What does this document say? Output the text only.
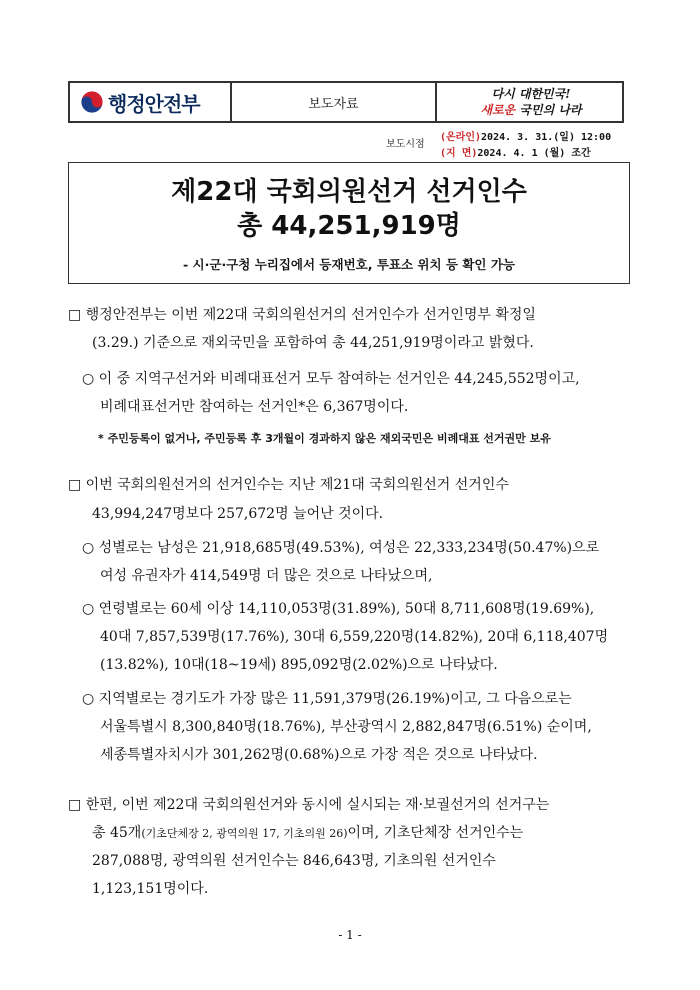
행정안전부	보도자료
다시 대한민국!
새로운 국민의 나라
보도시점
(온라인)2024. 3. 31.(일) 12:00
(지 면)2024. 4. 1 (월) 조간
제22대 국회의원선거 선거인수
총 44,251,919명
- 시·군·구청 누리집에서 등재번호, 투표소 위치 등 확인 가능
□ 행정안전부는 이번 제22대 국회의원선거의 선거인수가 선거인명부 확정일
(3.29.) 기준으로 재외국민을 포함하여 총 44,251,919명이라고 밝혔다.
○ 이 중 지역구선거와 비례대표선거 모두 참여하는 선거인은 44,245,552명이고,
비례대표선거만 참여하는 선거인*은 6,367명이다.
* 주민등록이 없거나, 주민등록 후 3개월이 경과하지 않은 재외국민은 비례대표 선거권만 보유
□ 이번 국회의원선거의 선거인수는 지난 제21대 국회의원선거 선거인수
43,994,247명보다 257,672명 늘어난 것이다.
○ 성별로는 남성은 21,918,685명(49.53%), 여성은 22,333,234명(50.47%)으로
여성 유권자가 414,549명 더 많은 것으로 나타났으며,
○ 연령별로는 60세 이상 14,110,053명(31.89%), 50대 8,711,608명(19.69%),
40대 7,857,539명(17.76%), 30대 6,559,220명(14.82%), 20대 6,118,407명
(13.82%), 10대(18~19세) 895,092명(2.02%)으로 나타났다.
○ 지역별로는 경기도가 가장 많은 11,591,379명(26.19%)이고, 그 다음으로는
서울특별시 8,300,840명(18.76%), 부산광역시 2,882,847명(6.51%) 순이며,
세종특별자치시가 301,262명(0.68%)으로 가장 적은 것으로 나타났다.
□ 한편, 이번 제22대 국회의원선거와 동시에 실시되는 재·보궐선거의 선거구는
총 45개(기초단체장 2, 광역의원 17, 기초의원 26)이며, 기초단체장 선거인수는
287,088명, 광역의원 선거인수는 846,643명, 기초의원 선거인수
1,123,151명이다.
- 1 -
